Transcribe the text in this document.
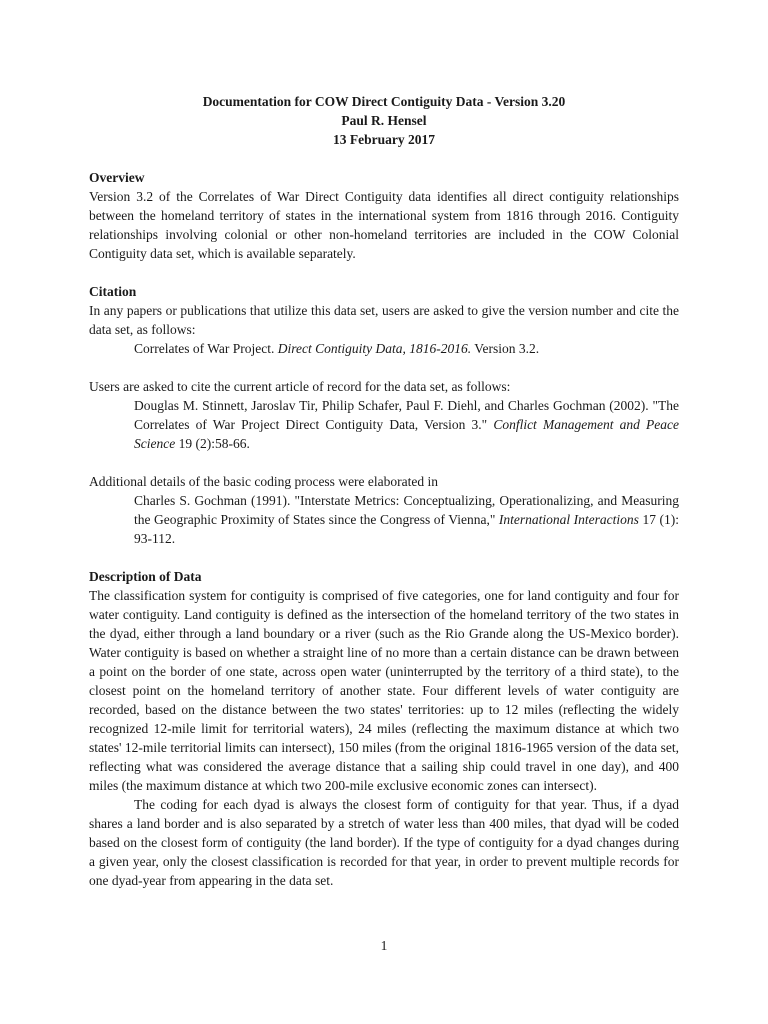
Documentation for COW Direct Contiguity Data - Version 3.20
Paul R. Hensel
13 February 2017
Overview

Version 3.2 of the Correlates of War Direct Contiguity data identifies all direct contiguity relationships between the homeland territory of states in the international system from 1816 through 2016. Contiguity relationships involving colonial or other non-homeland territories are included in the COW Colonial Contiguity data set, which is available separately.

Citation

In any papers or publications that utilize this data set, users are asked to give the version number and cite the data set, as follows:

Correlates of War Project. Direct Contiguity Data, 1816-2016. Version 3.2.

Users are asked to cite the current article of record for the data set, as follows:

Douglas M. Stinnett, Jaroslav Tir, Philip Schafer, Paul F. Diehl, and Charles Gochman (2002). "The Correlates of War Project Direct Contiguity Data, Version 3." Conflict Management and Peace Science 19 (2):58-66.

Additional details of the basic coding process were elaborated in

Charles S. Gochman (1991). "Interstate Metrics: Conceptualizing, Operationalizing, and Measuring the Geographic Proximity of States since the Congress of Vienna," International Interactions 17 (1): 93-112.

Description of Data

The classification system for contiguity is comprised of five categories, one for land contiguity and four for water contiguity. Land contiguity is defined as the intersection of the homeland territory of the two states in the dyad, either through a land boundary or a river (such as the Rio Grande along the US-Mexico border). Water contiguity is based on whether a straight line of no more than a certain distance can be drawn between a point on the border of one state, across open water (uninterrupted by the territory of a third state), to the closest point on the homeland territory of another state. Four different levels of water contiguity are recorded, based on the distance between the two states' territories: up to 12 miles (reflecting the widely recognized 12-mile limit for territorial waters), 24 miles (reflecting the maximum distance at which two states' 12-mile territorial limits can intersect), 150 miles (from the original 1816-1965 version of the data set, reflecting what was considered the average distance that a sailing ship could travel in one day), and 400 miles (the maximum distance at which two 200-mile exclusive economic zones can intersect).

The coding for each dyad is always the closest form of contiguity for that year. Thus, if a dyad shares a land border and is also separated by a stretch of water less than 400 miles, that dyad will be coded based on the closest form of contiguity (the land border). If the type of contiguity for a dyad changes during a given year, only the closest classification is recorded for that year, in order to prevent multiple records for one dyad-year from appearing in the data set.

1
